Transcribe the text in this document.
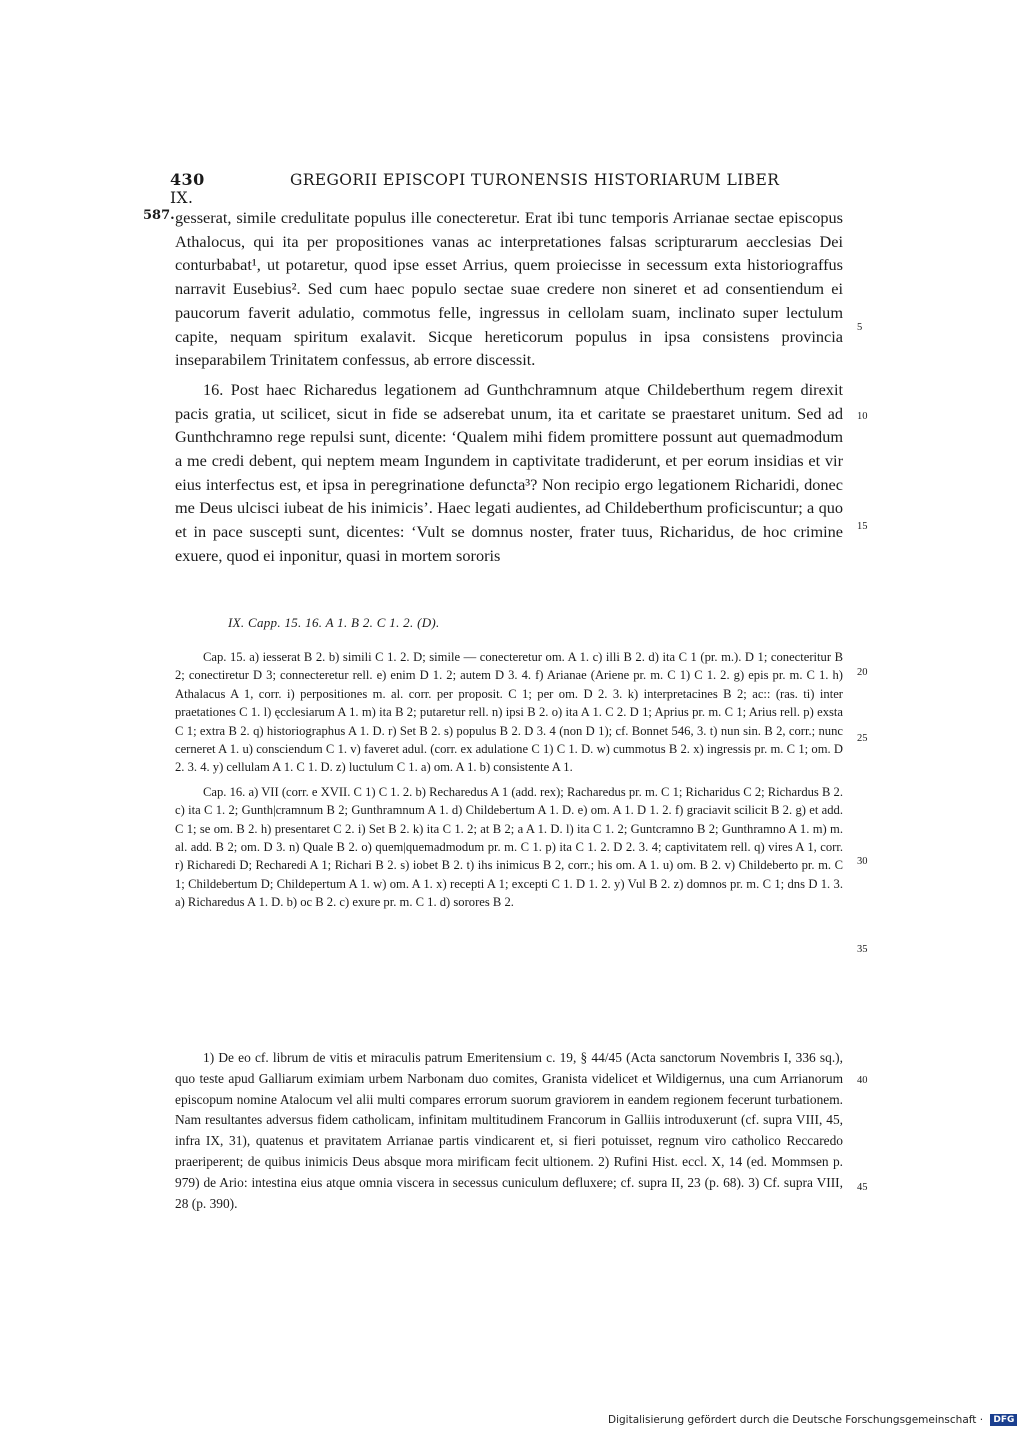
430	GREGORII EPISCOPI TURONENSIS HISTORIARUM LIBER IX.
587. gesserat, simile credulitate populus ille conecteretur. Erat ibi tunc temporis Arrianae sectae episcopus Athalocus, qui ita per propositiones vanas ac interpretationes falsas scripturarum aecclesias Dei conturbabat¹, ut potaretur, quod ipse esset Arrius, quem proiecisse in secessum exta historiograffus narravit Eusebius². Sed cum haec populo sectae suae credere non sineret et ad consentiendum ei paucorum faverit adulatio, commotus felle, ingressus in cellolam suam, inclinato super lectulum capite, nequam spiritum exalavit. Sicque hereticorum populus in ipsa consistens provincia inseparabilem Trinitatem confessus, ab errore discessit.

16. Post haec Richaredus legationem ad Gunthchramnum atque Childeberthum regem direxit pacis gratia, ut scilicet, sicut in fide se adserebat unum, ita et caritate se praestaret unitum. Sed ad Gunthchramno rege repulsi sunt, dicente: ‘Qualem mihi fidem promittere possunt aut quemadmodum a me credi debent, qui neptem meam Ingundem in captivitate tradiderunt, et per eorum insidias et vir eius interfectus est, et ipsa in peregrinatione defuncta³? Non recipio ergo legationem Richaridi, donec me Deus ulcisci iubeat de his inimicis’. Haec legati audientes, ad Childeberthum proficiscuntur; a quo et in pace suscepti sunt, dicentes: ‘Vult se domnus noster, frater tuus, Richaridus, de hoc crimine exuere, quod ei inponitur, quasi in mortem sororis

5
10
15
20
25
30
35
40
45
IX. Capp. 15. 16. A 1. B 2. C 1. 2. (D).

Cap. 15. a) iesserat B 2. b) simili C 1. 2. D; simile — conecteretur om. A 1. c) illi B 2. d) ita C 1 (pr. m.). D 1; conecteritur B 2; conectiretur D 3; connecteretur rell. e) enim D 1. 2; autem D 3. 4. f) Arianae (Ariene pr. m. C 1) C 1. 2. g) epis pr. m. C 1. h) Athalacus A 1, corr. i) perpositiones m. al. corr. per proposit. C 1; per om. D 2. 3. k) interpretacines B 2; ac:: (ras. ti) inter praetationes C 1. l) ęcclesiarum A 1. m) ita B 2; putaretur rell. n) ipsi B 2. o) ita A 1. C 2. D 1; Aprius pr. m. C 1; Arius rell. p) exsta C 1; extra B 2. q) historiographus A 1. D. r) Set B 2. s) populus B 2. D 3. 4 (non D 1); cf. Bonnet 546, 3. t) nun sin. B 2, corr.; nunc cerneret A 1. u) consciendum C 1. v) faveret adul. (corr. ex adulatione C 1) C 1. D. w) cummotus B 2. x) ingressis pr. m. C 1; om. D 2. 3. 4. y) cellulam A 1. C 1. D. z) luctulum C 1. a) om. A 1. b) consistente A 1.

Cap. 16. a) VII (corr. e XVII. C 1) C 1. 2. b) Recharedus A 1 (add. rex); Racharedus pr. m. C 1; Richaridus C 2; Richardus B 2. c) ita C 1. 2; Gunth|cramnum B 2; Gunthramnum A 1. d) Childebertum A 1. D. e) om. A 1. D 1. 2. f) graciavit scilicit B 2. g) et add. C 1; se om. B 2. h) presentaret C 2. i) Set B 2. k) ita C 1. 2; at B 2; a A 1. D. l) ita C 1. 2; Guntcramno B 2; Gunthramno A 1. m) m. al. add. B 2; om. D 3. n) Quale B 2. o) quem|quemadmodum pr. m. C 1. p) ita C 1. 2. D 2. 3. 4; captivitatem rell. q) vires A 1, corr. r) Richaredi D; Recharedi A 1; Richari B 2. s) iobet B 2. t) ihs inimicus B 2, corr.; his om. A 1. u) om. B 2. v) Childeberto pr. m. C 1; Childebertum D; Childepertum A 1. w) om. A 1. x) recepti A 1; excepti C 1. D 1. 2. y) Vul B 2. z) domnos pr. m. C 1; dns D 1. 3. a) Richaredus A 1. D. b) oc B 2. c) exure pr. m. C 1. d) sorores B 2.

1) De eo cf. librum de vitis et miraculis patrum Emeritensium c. 19, § 44/45 (Acta sanctorum Novembris I, 336 sq.), quo teste apud Galliarum eximiam urbem Narbonam duo comites, Granista videlicet et Wildigernus, una cum Arrianorum episcopum nomine Atalocum vel alii multi compares errorum suorum graviorem in eandem regionem fecerunt turbationem. Nam resultantes adversus fidem catholicam, infinitam multitudinem Francorum in Galliis introduxerunt (cf. supra VIII, 45, infra IX, 31), quatenus et pravitatem Arrianae partis vindicarent et, si fieri potuisset, regnum viro catholico Reccaredo praeriperent; de quibus inimicis Deus absque mora mirificam fecit ultionem. 2) Rufini Hist. eccl. X, 14 (ed. Mommsen p. 979) de Ario: intestina eius atque omnia viscera in secessus cuniculum defluxere; cf. supra II, 23 (p. 68). 3) Cf. supra VIII, 28 (p. 390).

Digitalisierung gefördert durch die Deutsche Forschungsgemeinschaft · DFG
